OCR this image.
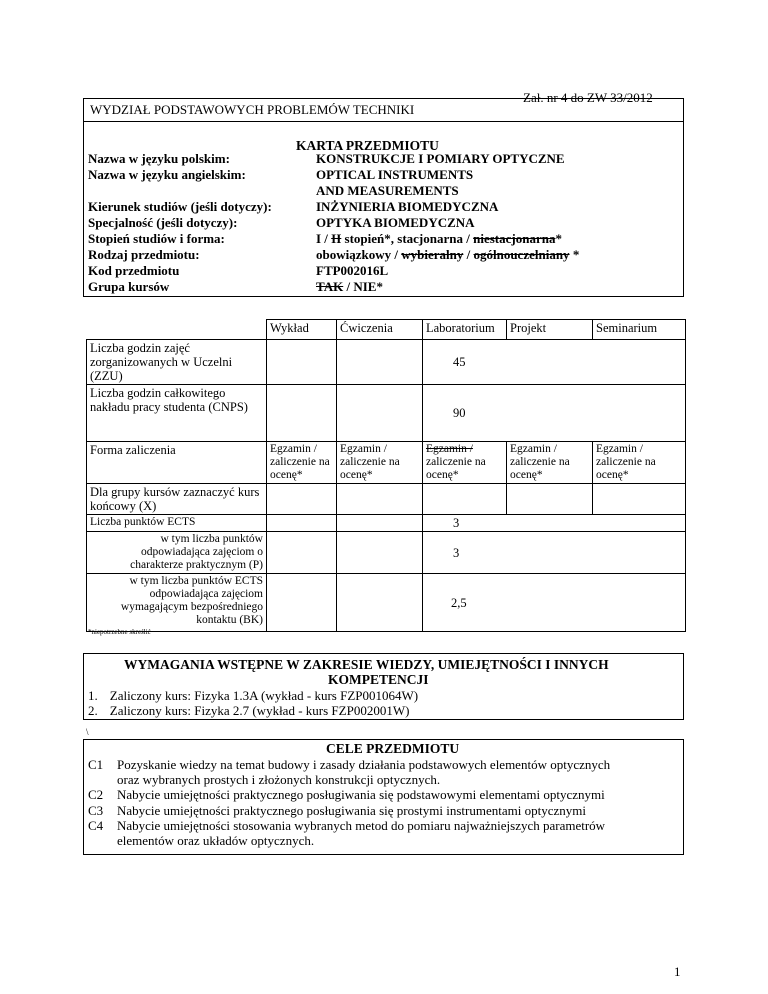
Zał. nr 4 do ZW 33/2012
WYDZIAŁ PODSTAWOWYCH PROBLEMÓW TECHNIKI
KARTA PRZEDMIOTU
Nazwa w języku polskim:	KONSTRUKCJE I POMIARY OPTYCZNE
Nazwa w języku angielskim:	OPTICAL INSTRUMENTS
AND MEASUREMENTS
Kierunek studiów (jeśli dotyczy):	INŻYNIERIA BIOMEDYCZNA
Specjalność (jeśli dotyczy):	OPTYKA BIOMEDYCZNA
Stopień studiów i forma:	I / II stopień*, stacjonarna / niestacjonarna*
Rodzaj przedmiotu:	obowiązkowy / wybieralny / ogólnouczelniany *
Kod przedmiotu	FTP002016L
Grupa kursów	TAK / NIE*
	Wykład	Ćwiczenia	Laboratorium	Projekt	Seminarium
Liczba godzin zajęć zorganizowanych w Uczelni (ZZU)			45		
Liczba godzin całkowitego nakładu pracy studenta (CNPS)			90		
Forma zaliczenia	Egzamin / zaliczenie na ocenę*	Egzamin / zaliczenie na ocenę*	Egzamin /
zaliczenie na ocenę*	Egzamin / zaliczenie na ocenę*	Egzamin / zaliczenie na ocenę*
Dla grupy kursów zaznaczyć kurs końcowy (X)					
Liczba punktów ECTS			3		
w tym liczba punktów odpowiadająca zajęciom o charakterze praktycznym (P)			3		
w tym liczba punktów ECTS odpowiadająca zajęciom wymagającym bezpośredniego kontaktu (BK)			2,5		
*niepotrzebne skreślić
WYMAGANIA WSTĘPNE W ZAKRESIE WIEDZY, UMIEJĘTNOŚCI I INNYCH
KOMPETENCJI
1. Zaliczony kurs: Fizyka 1.3A (wykład - kurs FZP001064W)
2. Zaliczony kurs: Fizyka 2.7 (wykład - kurs FZP002001W)
\
CELE PRZEDMIOTU
C1 Pozyskanie wiedzy na temat budowy i zasady działania podstawowych elementów optycznych
oraz wybranych prostych i złożonych konstrukcji optycznych.
C2 Nabycie umiejętności praktycznego posługiwania się podstawowymi elementami optycznymi
C3 Nabycie umiejętności praktycznego posługiwania się prostymi instrumentami optycznymi
C4 Nabycie umiejętności stosowania wybranych metod do pomiaru najważniejszych parametrów
elementów oraz układów optycznych.
1
